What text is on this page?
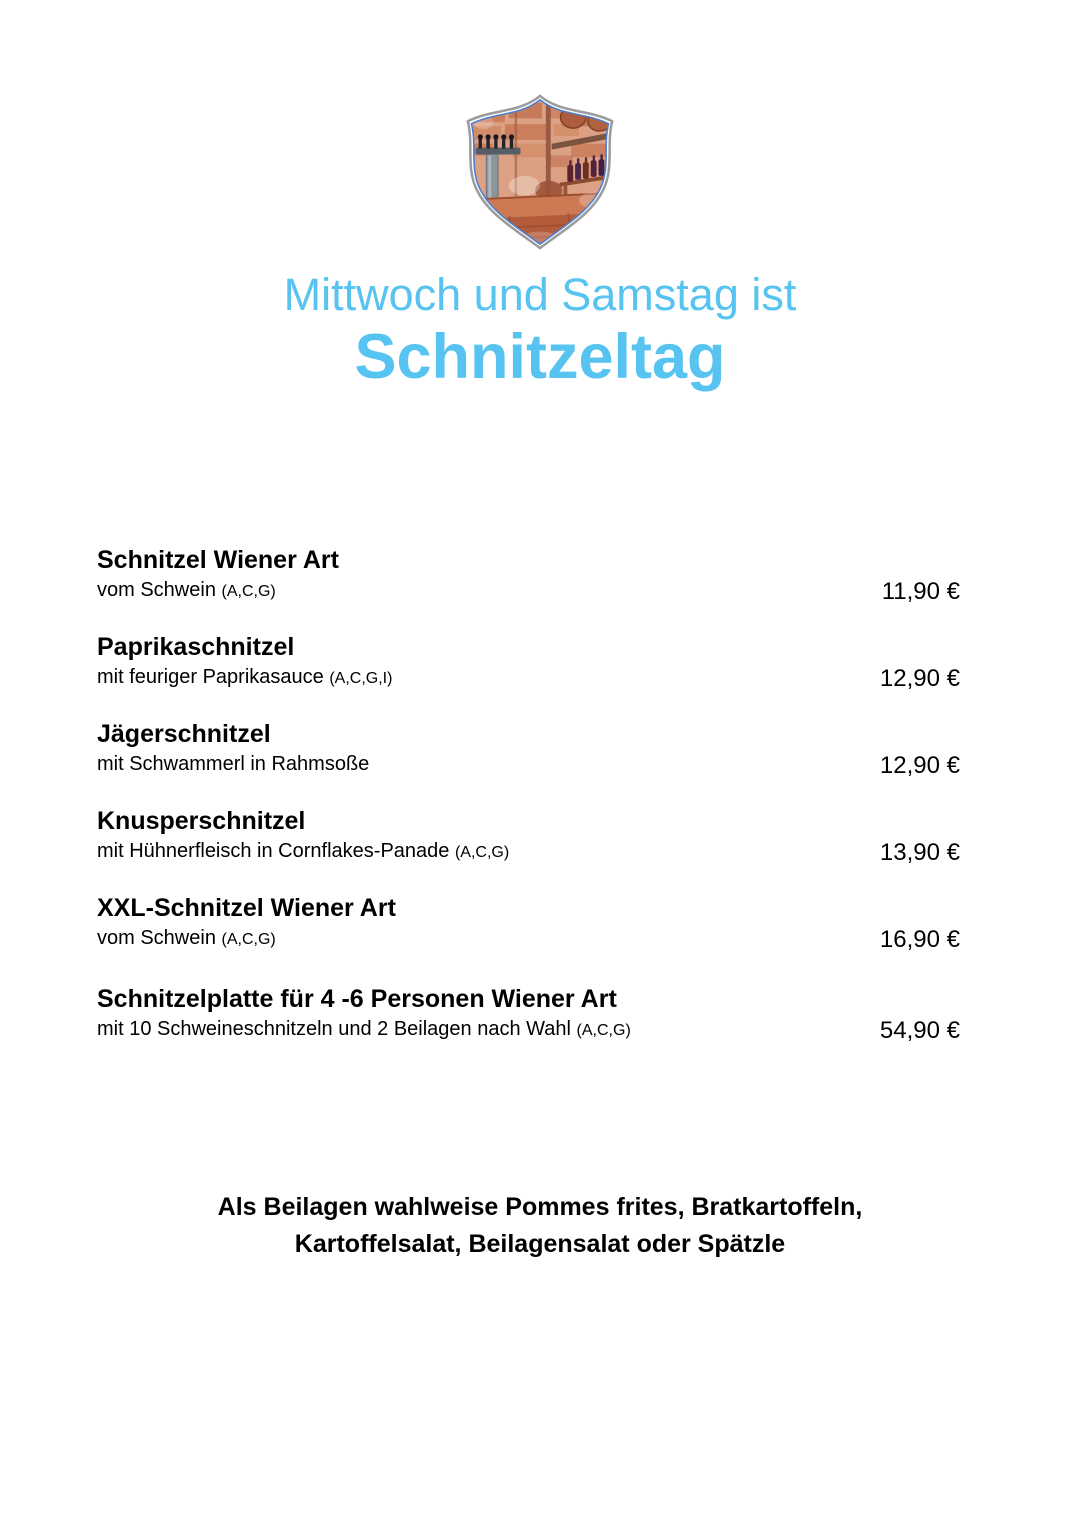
Mittwoch und Samstag ist
Schnitzeltag
Schnitzel Wiener Art
vom Schwein (A,C,G)	11,90 €
Paprikaschnitzel
mit feuriger Paprikasauce (A,C,G,I)	12,90 €
Jägerschnitzel
mit Schwammerl in Rahmsoße	12,90 €
Knusperschnitzel
mit Hühnerfleisch in Cornflakes-Panade (A,C,G)	13,90 €
XXL-Schnitzel Wiener Art
vom Schwein (A,C,G)	16,90 €
Schnitzelplatte für 4 -6 Personen Wiener Art
mit 10 Schweineschnitzeln und 2 Beilagen nach Wahl (A,C,G)	54,90 €
Als Beilagen wahlweise Pommes frites, Bratkartoffeln,
Kartoffelsalat, Beilagensalat oder Spätzle
